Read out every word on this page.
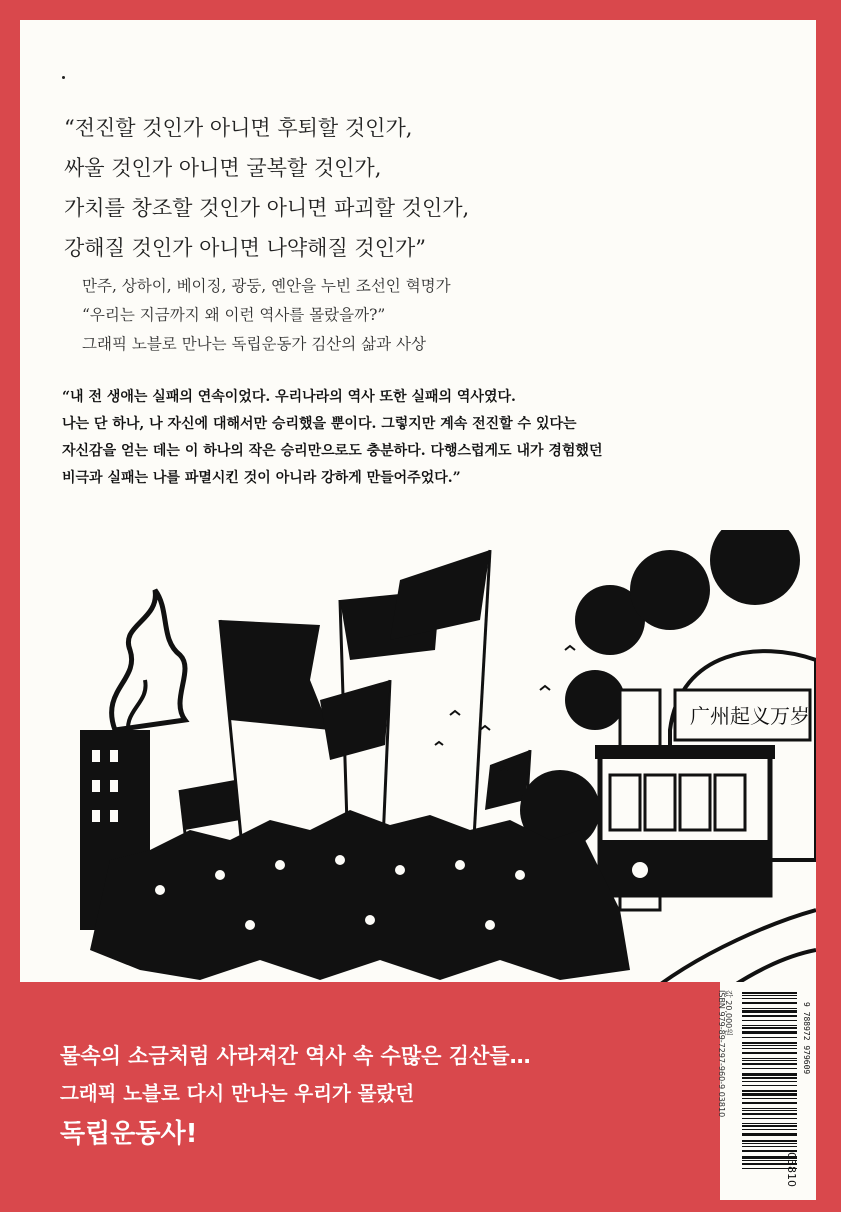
“전진할 것인가 아니면 후퇴할 것인가,
싸울 것인가 아니면 굴복할 것인가,
가치를 창조할 것인가 아니면 파괴할 것인가,
강해질 것인가 아니면 나약해질 것인가”
만주, 상하이, 베이징, 광둥, 옌안을 누빈 조선인 혁명가
“우리는 지금까지 왜 이런 역사를 몰랐을까?”
그래픽 노블로 만나는 독립운동가 김산의 삶과 사상
“내 전 생애는 실패의 연속이었다. 우리나라의 역사 또한 실패의 역사였다.
나는 단 하나, 나 자신에 대해서만 승리했을 뿐이다. 그렇지만 계속 전진할 수 있다는
자신감을 얻는 데는 이 하나의 작은 승리만으로도 충분하다. 다행스럽게도 내가 경험했던
비극과 실패는 나를 파멸시킨 것이 아니라 강하게 만들어주었다.”
广州起义万岁
물속의 소금처럼 사라져간 역사 속 수많은 김산들…
그래픽 노블로 다시 만나는 우리가 몰랐던
독립운동사!
값 20,000원
ISBN 979-89-7297-960-9 03810	9 788972 979609
03810
